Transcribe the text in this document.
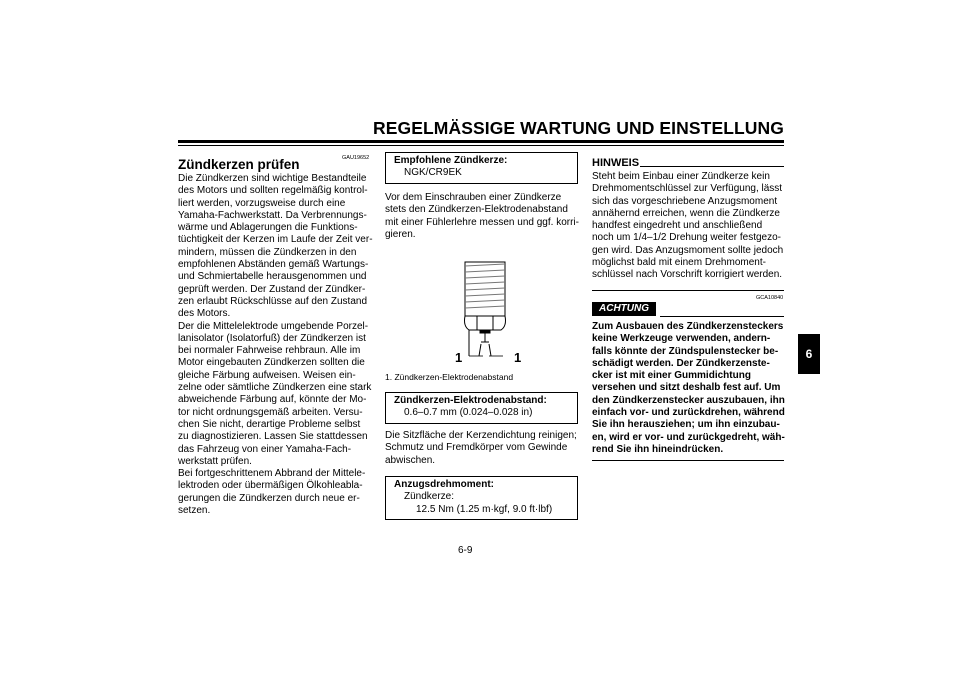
REGELMÄSSIGE WARTUNG UND EINSTELLUNG
GAU19652
Zündkerzen prüfen
Die Zündkerzen sind wichtige Bestandteile
des Motors und sollten regelmäßig kontrol-
liert werden, vorzugsweise durch eine
Yamaha-Fachwerkstatt. Da Verbrennungs-
wärme und Ablagerungen die Funktions-
tüchtigkeit der Kerzen im Laufe der Zeit ver-
mindern, müssen die Zündkerzen in den
empfohlenen Abständen gemäß Wartungs-
und Schmiertabelle herausgenommen und
geprüft werden. Der Zustand der Zündker-
zen erlaubt Rückschlüsse auf den Zustand
des Motors.
Der die Mittelelektrode umgebende Porzel-
lanisolator (Isolatorfuß) der Zündkerzen ist
bei normaler Fahrweise rehbraun. Alle im
Motor eingebauten Zündkerzen sollten die
gleiche Färbung aufweisen. Weisen ein-
zelne oder sämtliche Zündkerzen eine stark
abweichende Färbung auf, könnte der Mo-
tor nicht ordnungsgemäß arbeiten. Versu-
chen Sie nicht, derartige Probleme selbst
zu diagnostizieren. Lassen Sie stattdessen
das Fahrzeug von einer Yamaha-Fach-
werkstatt prüfen.
Bei fortgeschrittenem Abbrand der Mittele-
lektroden oder übermäßigen Ölkohleabla-
gerungen die Zündkerzen durch neue er-
setzen.
Empfohlene Zündkerze:
NGK/CR9EK
Vor dem Einschrauben einer Zündkerze
stets den Zündkerzen-Elektrodenabstand
mit einer Fühlerlehre messen und ggf. korri-
gieren.
1	1
1. Zündkerzen-Elektrodenabstand
Zündkerzen-Elektrodenabstand:
0.6–0.7 mm (0.024–0.028 in)
Die Sitzfläche der Kerzendichtung reinigen;
Schmutz und Fremdkörper vom Gewinde
abwischen.
Anzugsdrehmoment:
Zündkerze:
12.5 Nm (1.25 m·kgf, 9.0 ft·lbf)
HINWEIS
Steht beim Einbau einer Zündkerze kein
Drehmomentschlüssel zur Verfügung, lässt
sich das vorgeschriebene Anzugsmoment
annähernd erreichen, wenn die Zündkerze
handfest eingedreht und anschließend
noch um 1/4–1/2 Drehung weiter festgezo-
gen wird. Das Anzugsmoment sollte jedoch
möglichst bald mit einem Drehmoment-
schlüssel nach Vorschrift korrigiert werden.
GCA10840
ACHTUNG
Zum Ausbauen des Zündkerzensteckers
keine Werkzeuge verwenden, andern-
falls könnte der Zündspulenstecker be-
schädigt werden. Der Zündkerzenste-
cker ist mit einer Gummidichtung
versehen und sitzt deshalb fest auf. Um
den Zündkerzenstecker auszubauen, ihn
einfach vor- und zurückdrehen, während
Sie ihn herausziehen; um ihn einzubau-
en, wird er vor- und zurückgedreht, wäh-
rend Sie ihn hineindrücken.
6
6-9
